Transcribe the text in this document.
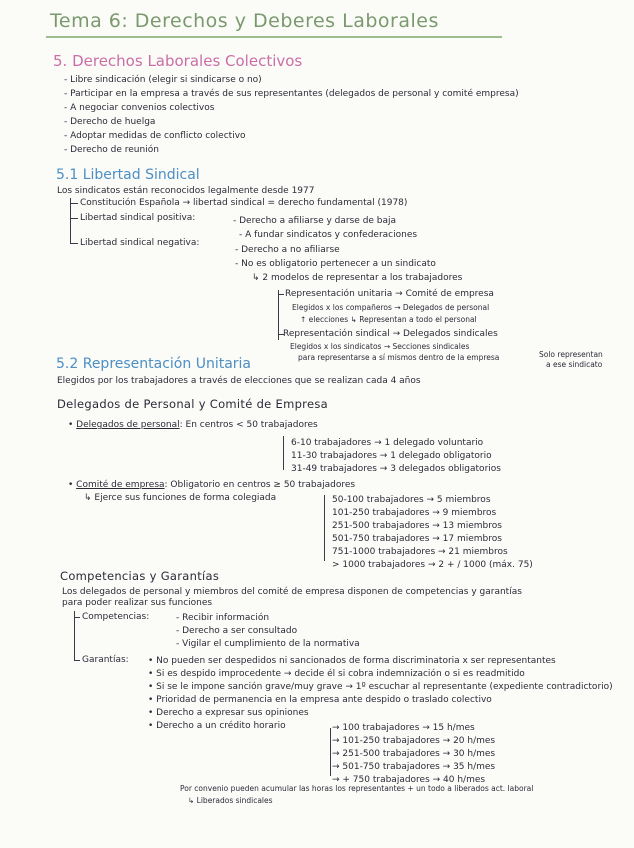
Tema 6: Derechos y Deberes Laborales
5. Derechos Laborales Colectivos
- Libre sindicación (elegir si sindicarse o no)
- Participar en la empresa a través de sus representantes (delegados de personal y comité empresa)
- A negociar convenios colectivos
- Derecho de huelga
- Adoptar medidas de conflicto colectivo
- Derecho de reunión
5.1 Libertad Sindical
Los sindicatos están reconocidos legalmente desde 1977
Constitución Española → libertad sindical = derecho fundamental (1978)
Libertad sindical positiva:	- Derecho a afiliarse y darse de baja
- A fundar sindicatos y confederaciones
Libertad sindical negativa:
- Derecho a no afiliarse
- No es obligatorio pertenecer a un sindicato
↳ 2 modelos de representar a los trabajadores
Representación unitaria → Comité de empresa
Elegidos x los compañeros → Delegados de personal
↑ elecciones ↳ Representan a todo el personal
Representación sindical → Delegados sindicales
Elegidos x los sindicatos → Secciones sindicales
para representarse a sí mismos dentro de la empresa	Solo representan
a ese sindicato
5.2 Representación Unitaria
Elegidos por los trabajadores a través de elecciones que se realizan cada 4 años
Delegados de Personal y Comité de Empresa
• Delegados de personal: En centros < 50 trabajadores
6-10 trabajadores → 1 delegado voluntario
11-30 trabajadores → 1 delegado obligatorio
31-49 trabajadores → 3 delegados obligatorios
• Comité de empresa: Obligatorio en centros ≥ 50 trabajadores
↳ Ejerce sus funciones de forma colegiada	50-100 trabajadores → 5 miembros
101-250 trabajadores → 9 miembros
251-500 trabajadores → 13 miembros
501-750 trabajadores → 17 miembros
751-1000 trabajadores → 21 miembros
> 1000 trabajadores → 2 + / 1000 (máx. 75)
Competencias y Garantías
Los delegados de personal y miembros del comité de empresa disponen de competencias y garantías
para poder realizar sus funciones
Competencias:	- Recibir información
- Derecho a ser consultado
- Vigilar el cumplimiento de la normativa
Garantías: • No pueden ser despedidos ni sancionados de forma discriminatoria x ser representantes
• Si es despido improcedente → decide él si cobra indemnización o si es readmitido
• Si se le impone sanción grave/muy grave → 1º escuchar al representante (expediente contradictorio)
• Prioridad de permanencia en la empresa ante despido o traslado colectivo
• Derecho a expresar sus opiniones
• Derecho a un crédito horario	→ 100 trabajadores → 15 h/mes
→ 101-250 trabajadores → 20 h/mes
→ 251-500 trabajadores → 30 h/mes
→ 501-750 trabajadores → 35 h/mes
→ + 750 trabajadores → 40 h/mes
Por convenio pueden acumular las horas los representantes + un todo a liberados act. laboral
↳ Liberados sindicales
